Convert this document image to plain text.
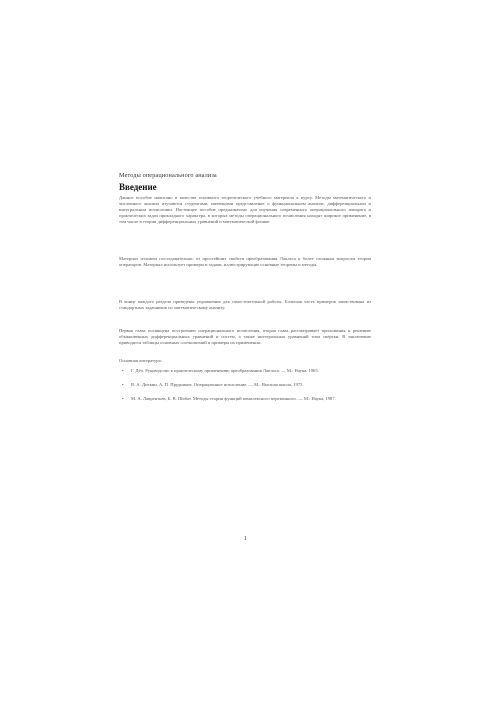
Методы операционального анализа
Введение

Данное пособие написано в качестве основного теоретического учебного материала к курсу. Методы математического и численного анализа изучаются студентами, имеющими представление о функциональном анализе, дифференциальном и интегральном исчислении. Настоящее пособие предназначено для изучения современного операционального аппарата и практических задач прикладного характера, в которых методы операционального исчисления находят широкое применение, в том числе в теории дифференциальных уравнений и математической физике.

Материал изложен последовательно: от простейших свойств преобразования Лапласа к более сложным вопросам теории операторов. Материал использует примеры и задачи, иллюстрирующие основные теоремы и методы.

В конце каждого раздела приведены упражнения для самостоятельной работы. Большая часть примеров заимствована из стандартных задачников по математическому анализу.

Первая глава посвящена построению операционального исчисления, вторая глава рассматривает приложения к решению обыкновенных дифференциальных уравнений и систем, а также интегральных уравнений типа свёртки. В заключение приводятся таблицы основных соотношений и примеры их применения.

Основная литература:
• Г. Дёч. Руководство к практическому применению преобразования Лапласа. — М.: Наука, 1965.
• В. А. Диткин, А. П. Прудников. Операционное исчисление. — М.: Высшая школа, 1975.
• М. А. Лаврентьев, Б. В. Шабат. Методы теории функций комплексного переменного. — М.: Наука, 1987.
1
